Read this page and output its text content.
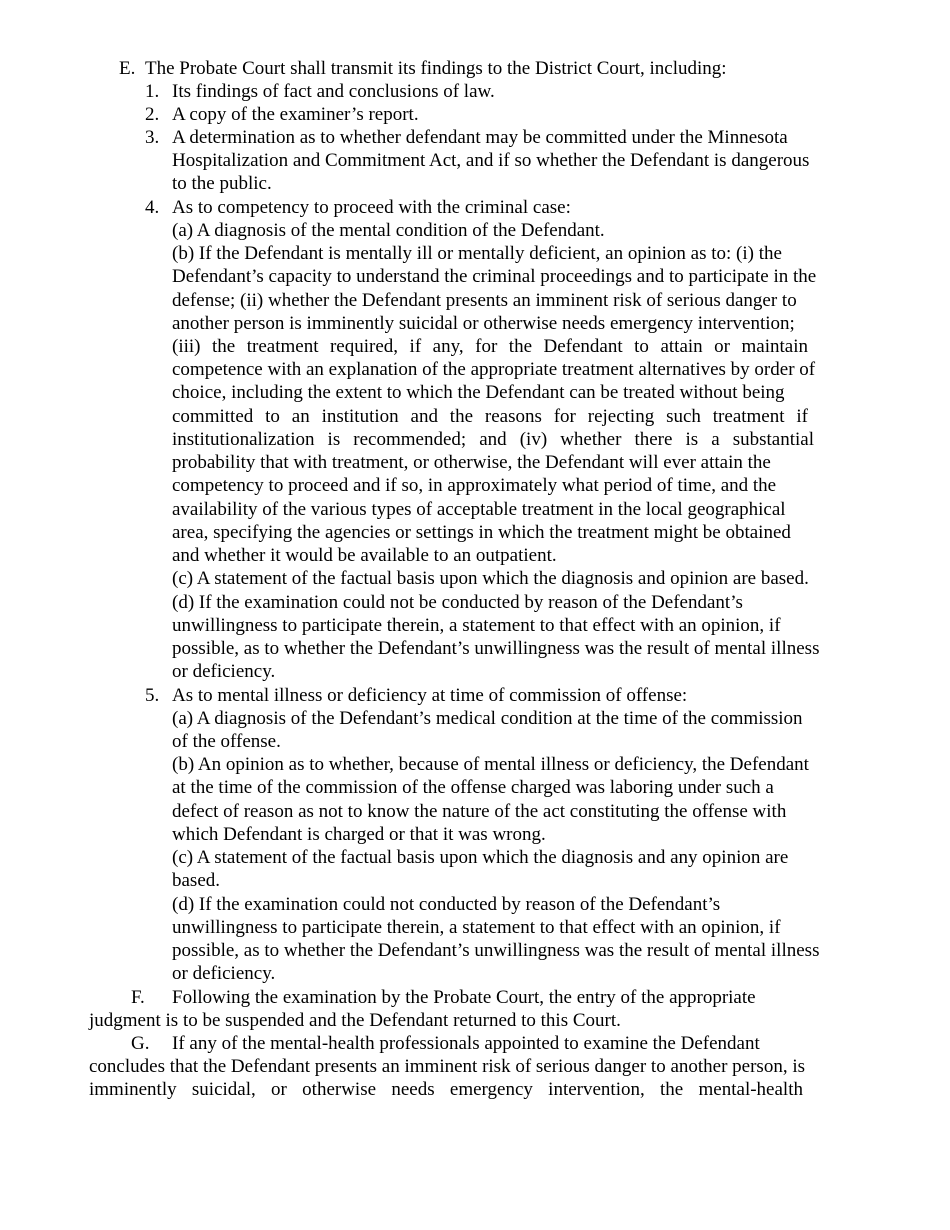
E. The Probate Court shall transmit its findings to the District Court, including:
1. Its findings of fact and conclusions of law.
2. A copy of the examiner’s report.
3. A determination as to whether defendant may be committed under the Minnesota
Hospitalization and Commitment Act, and if so whether the Defendant is dangerous
to the public.
4. As to competency to proceed with the criminal case:
(a) A diagnosis of the mental condition of the Defendant.
(b) If the Defendant is mentally ill or mentally deficient, an opinion as to: (i) the
Defendant’s capacity to understand the criminal proceedings and to participate in the
defense; (ii) whether the Defendant presents an imminent risk of serious danger to
another person is imminently suicidal or otherwise needs emergency intervention;
(iii) the treatment required, if any, for the Defendant to attain or maintain
competence with an explanation of the appropriate treatment alternatives by order of
choice, including the extent to which the Defendant can be treated without being
committed to an institution and the reasons for rejecting such treatment if
institutionalization is recommended; and (iv) whether there is a substantial
probability that with treatment, or otherwise, the Defendant will ever attain the
competency to proceed and if so, in approximately what period of time, and the
availability of the various types of acceptable treatment in the local geographical
area, specifying the agencies or settings in which the treatment might be obtained
and whether it would be available to an outpatient.
(c) A statement of the factual basis upon which the diagnosis and opinion are based.
(d) If the examination could not be conducted by reason of the Defendant’s
unwillingness to participate therein, a statement to that effect with an opinion, if
possible, as to whether the Defendant’s unwillingness was the result of mental illness
or deficiency.
5. As to mental illness or deficiency at time of commission of offense:
(a) A diagnosis of the Defendant’s medical condition at the time of the commission
of the offense.
(b) An opinion as to whether, because of mental illness or deficiency, the Defendant
at the time of the commission of the offense charged was laboring under such a
defect of reason as not to know the nature of the act constituting the offense with
which Defendant is charged or that it was wrong.
(c) A statement of the factual basis upon which the diagnosis and any opinion are
based.
(d) If the examination could not conducted by reason of the Defendant’s
unwillingness to participate therein, a statement to that effect with an opinion, if
possible, as to whether the Defendant’s unwillingness was the result of mental illness
or deficiency.
F. Following the examination by the Probate Court, the entry of the appropriate
judgment is to be suspended and the Defendant returned to this Court.
G. If any of the mental-health professionals appointed to examine the Defendant
concludes that the Defendant presents an imminent risk of serious danger to another person, is
imminently suicidal, or otherwise needs emergency intervention, the mental-health
